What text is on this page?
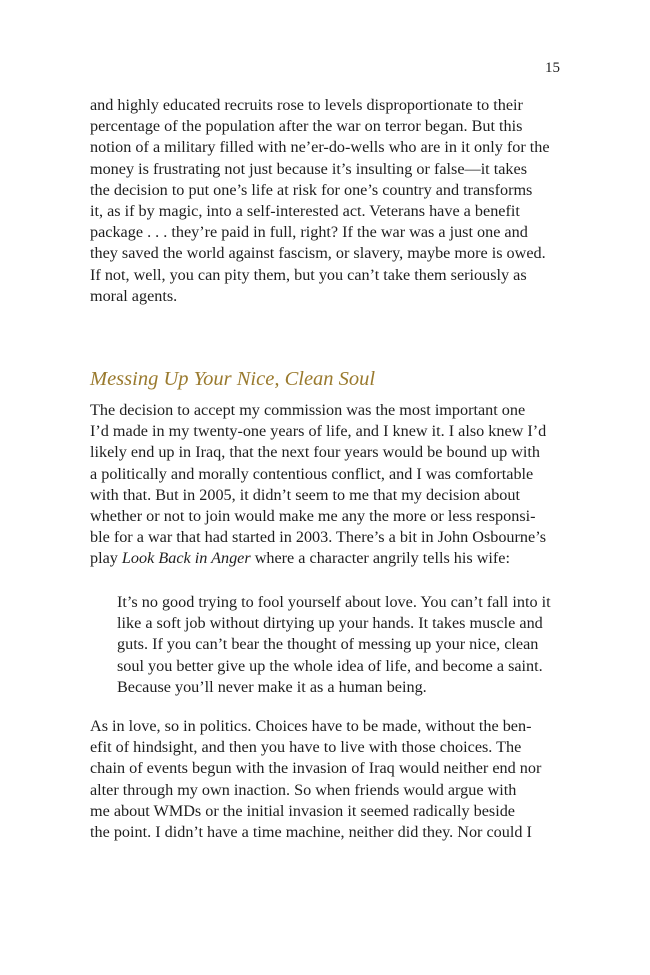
15
and highly educated recruits rose to levels disproportionate to their
percentage of the population after the war on terror began. But this
notion of a military filled with ne’er-do-wells who are in it only for the
money is frustrating not just because it’s insulting or false—it takes
the decision to put one’s life at risk for one’s country and transforms
it, as if by magic, into a self-interested act. Veterans have a benefit
package . . . they’re paid in full, right? If the war was a just one and
they saved the world against fascism, or slavery, maybe more is owed.
If not, well, you can pity them, but you can’t take them seriously as
moral agents.
Messing Up Your Nice, Clean Soul
The decision to accept my commission was the most important one
I’d made in my twenty-one years of life, and I knew it. I also knew I’d
likely end up in Iraq, that the next four years would be bound up with
a politically and morally contentious conflict, and I was comfortable
with that. But in 2005, it didn’t seem to me that my decision about
whether or not to join would make me any the more or less responsi-
ble for a war that had started in 2003. There’s a bit in John Osbourne’s
play Look Back in Anger where a character angrily tells his wife:
It’s no good trying to fool yourself about love. You can’t fall into it
like a soft job without dirtying up your hands. It takes muscle and
guts. If you can’t bear the thought of messing up your nice, clean
soul you better give up the whole idea of life, and become a saint.
Because you’ll never make it as a human being.
As in love, so in politics. Choices have to be made, without the ben-
efit of hindsight, and then you have to live with those choices. The
chain of events begun with the invasion of Iraq would neither end nor
alter through my own inaction. So when friends would argue with
me about WMDs or the initial invasion it seemed radically beside
the point. I didn’t have a time machine, neither did they. Nor could I
